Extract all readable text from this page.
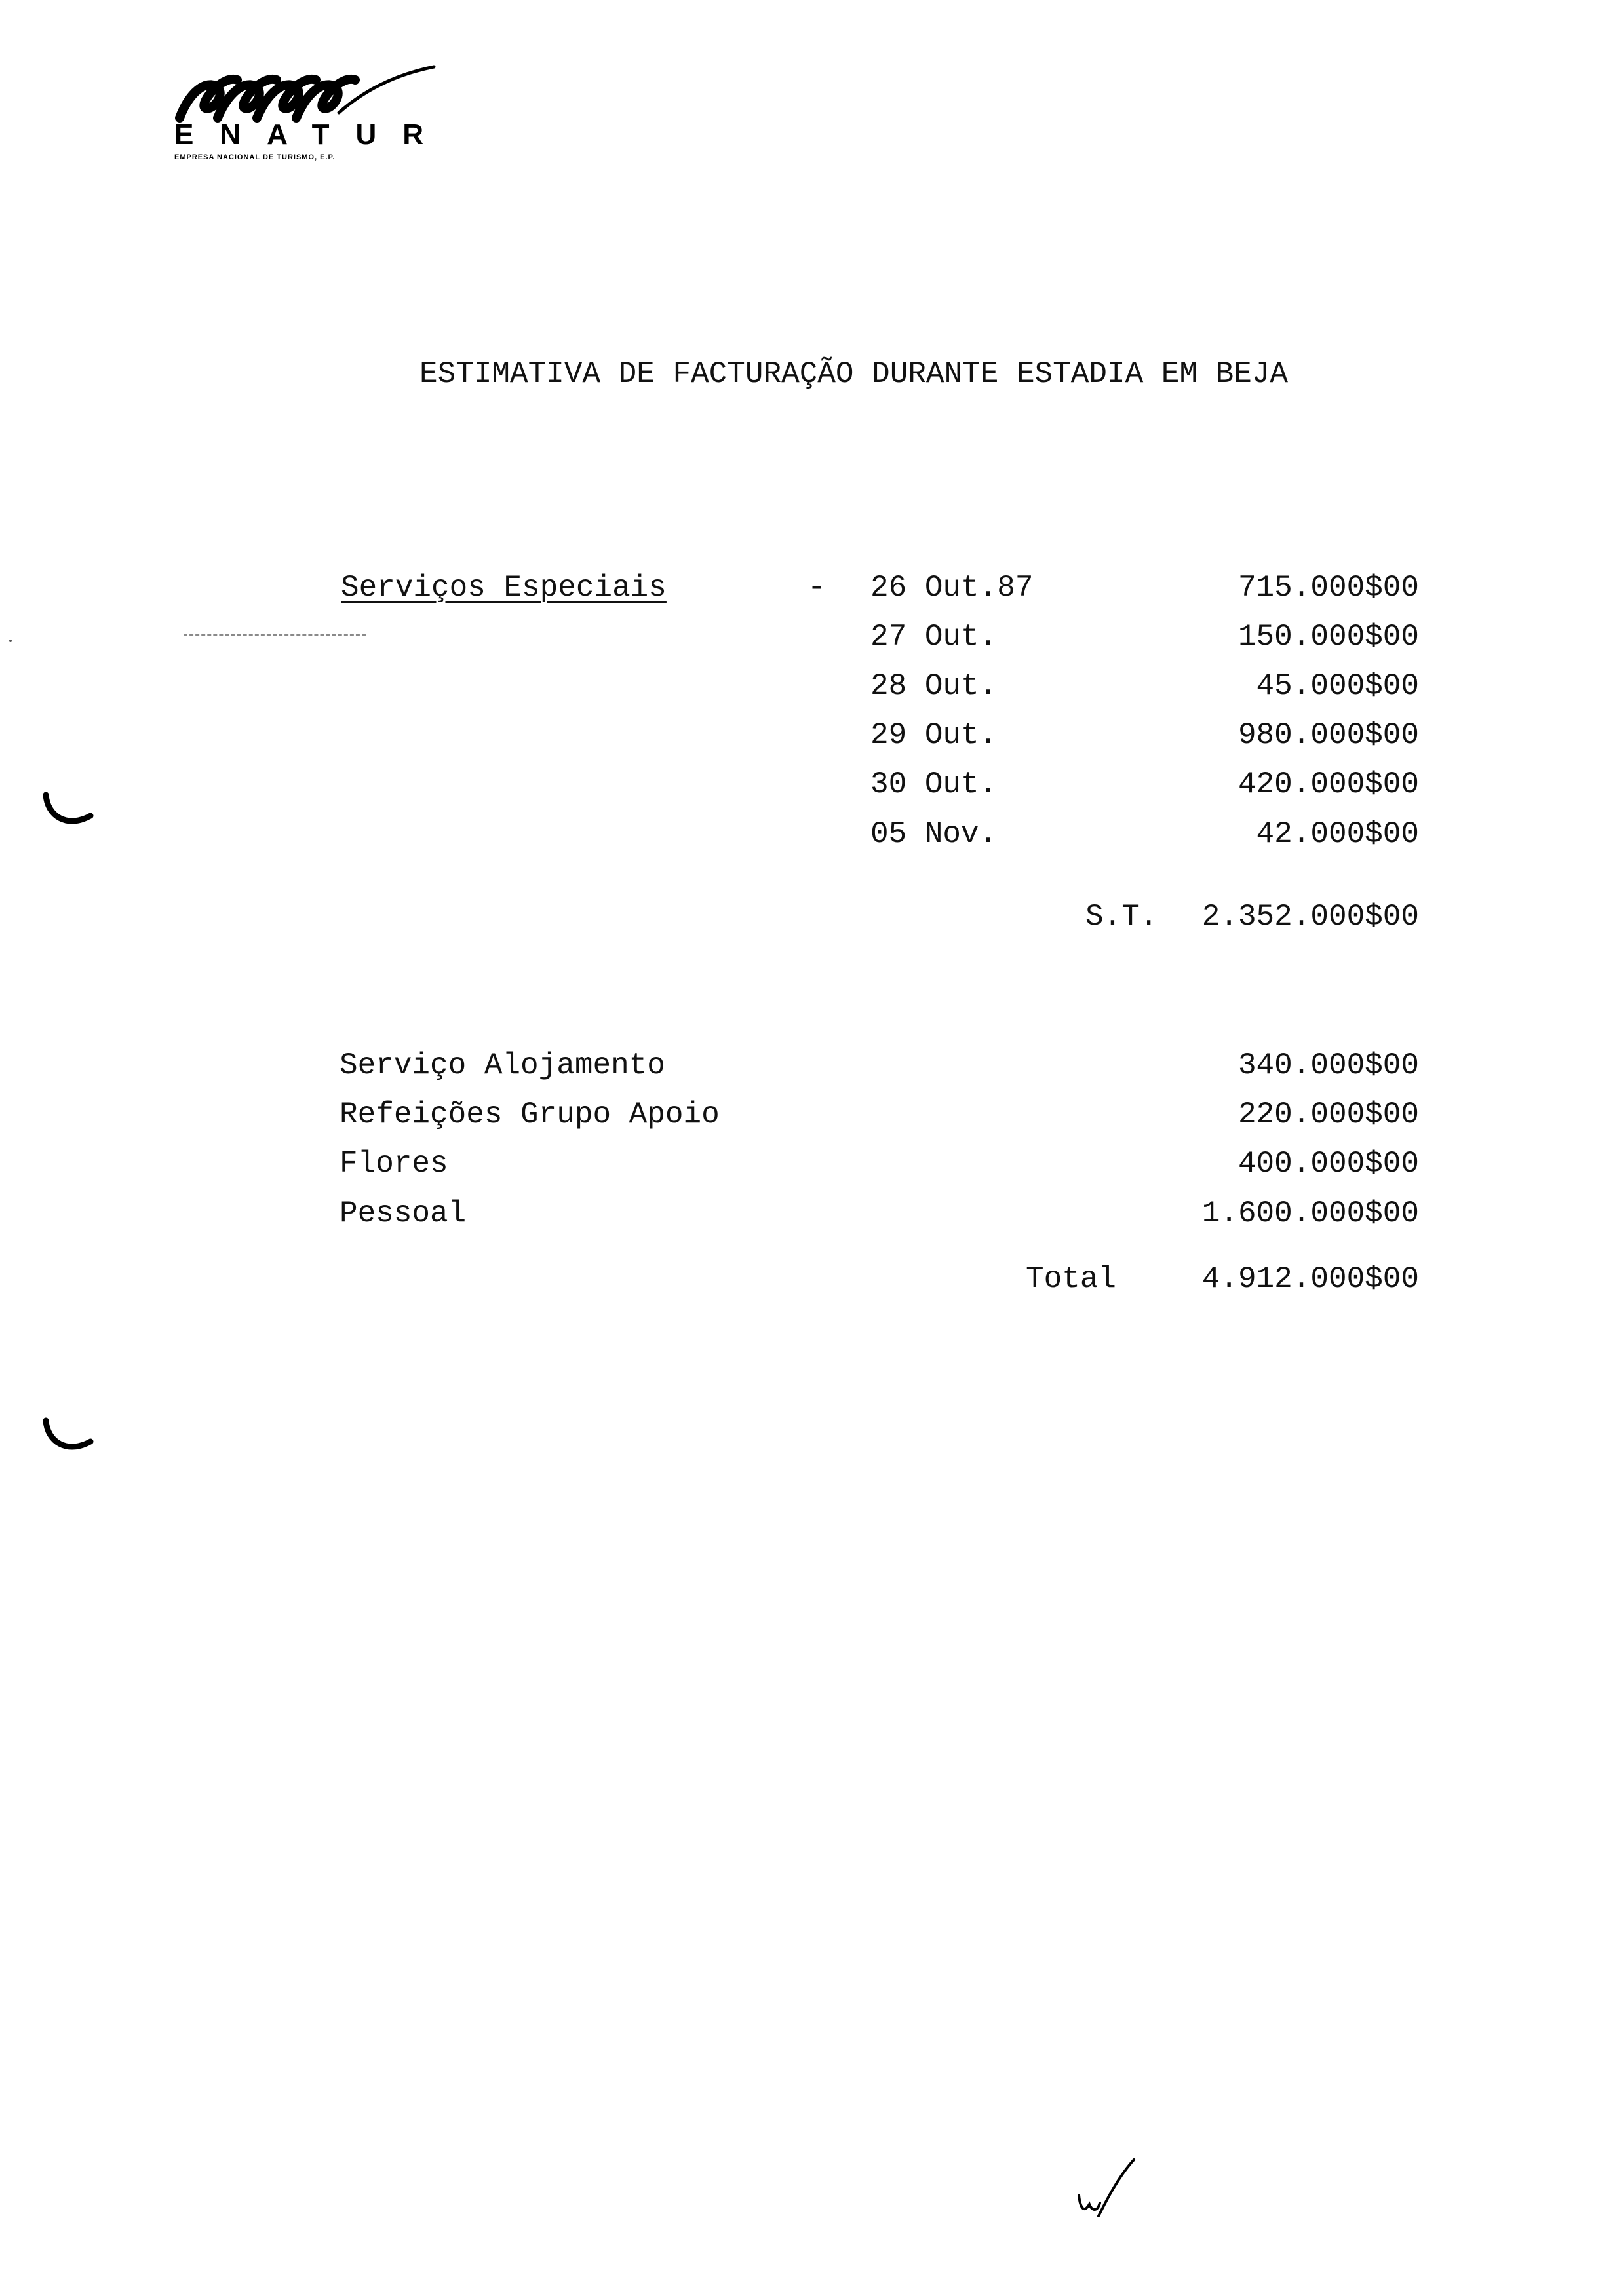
ENATUR
EMPRESA NACIONAL DE TURISMO, E.P.
ESTIMATIVA DE FACTURAÇÃO DURANTE ESTADIA EM BEJA
Serviços Especiais	- 26 Out.87	715.000$00
27 Out.	150.000$00
28 Out.	45.000$00
29 Out.	980.000$00
30 Out.	420.000$00
05 Nov.	42.000$00
S.T.	2.352.000$00
Serviço Alojamento	340.000$00
Refeições Grupo Apoio	220.000$00
Flores	400.000$00
Pessoal	1.600.000$00
Total	4.912.000$00
